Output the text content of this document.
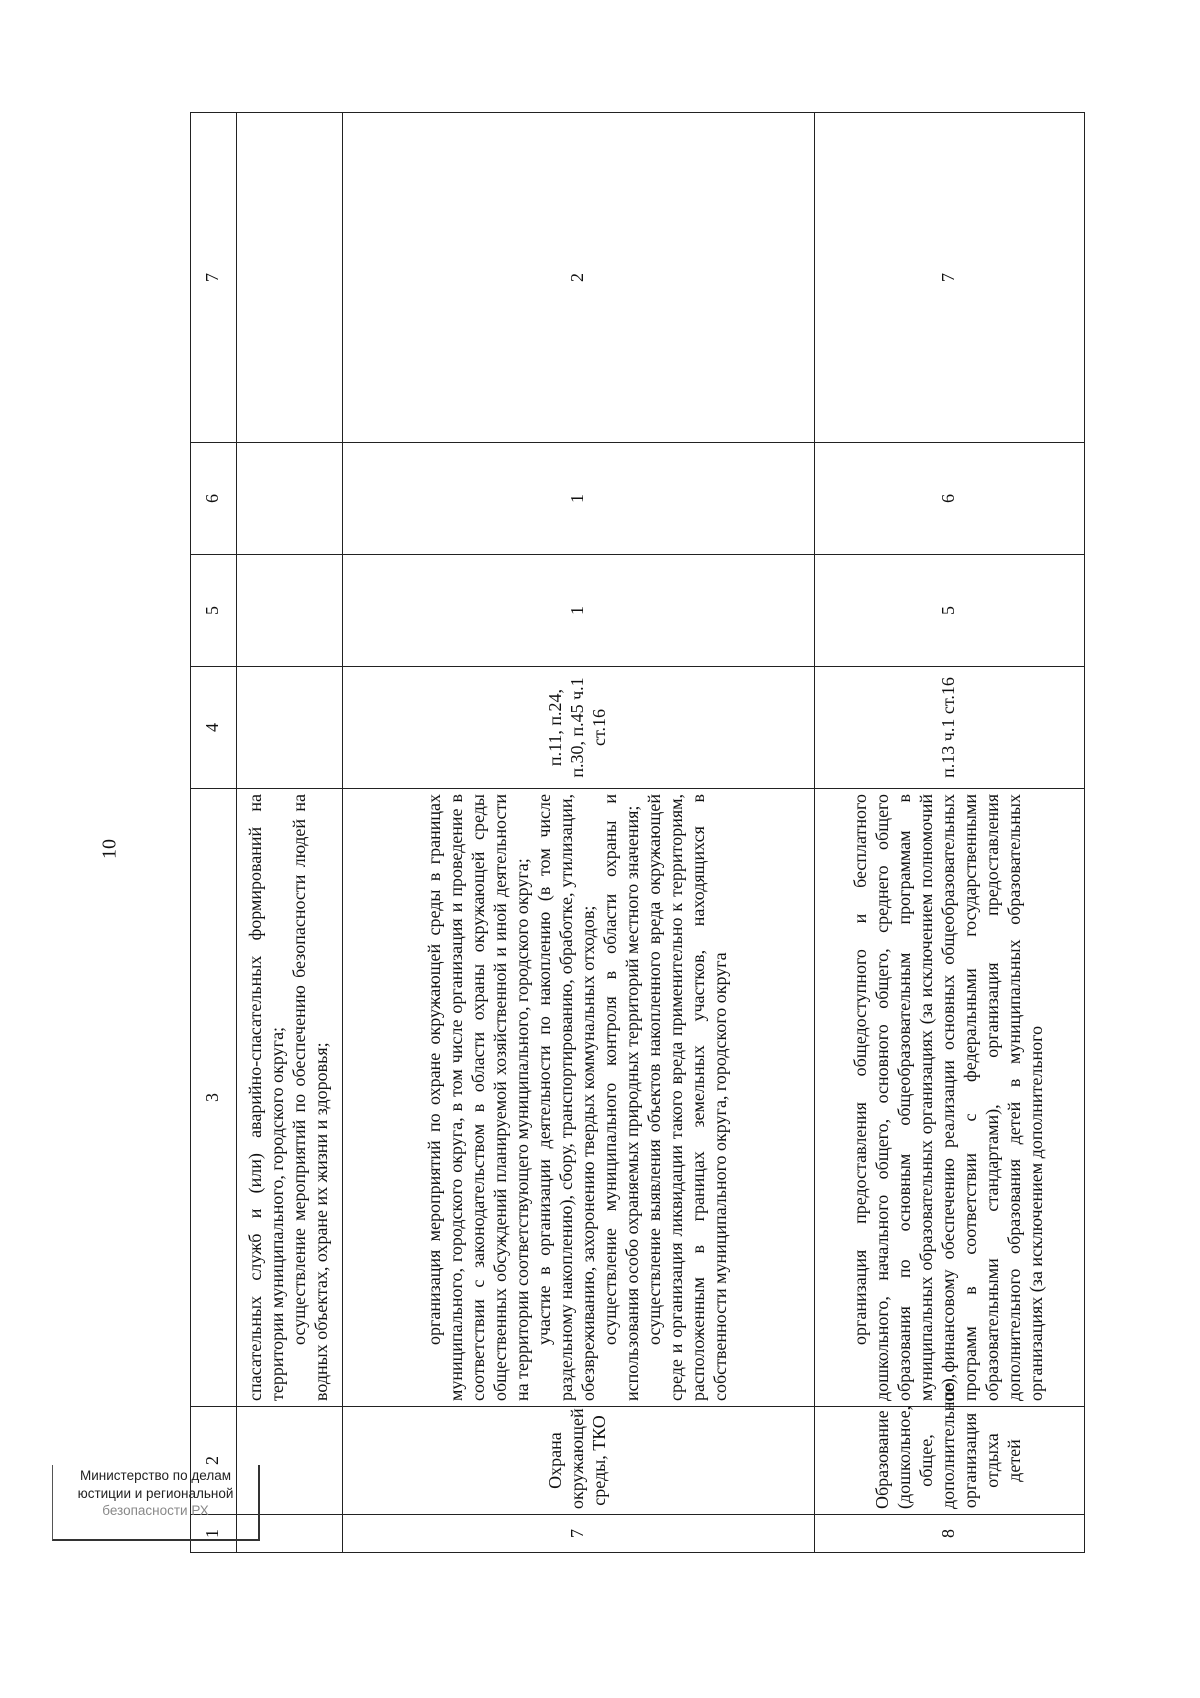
10
1	2	3	4	5	6	7

		спасательных служб и (или) аварийно-спасательных формирований на территории муниципального, городского округа; осуществление мероприятий по обеспечению безопасности людей на водных объектах, охране их жизни и здоровья;				

7	Охрана окружающей среды, ТКО	организация мероприятий по охране окружающей среды в границах муниципального, городского округа, в том числе организация и проведение в соответствии с законодательством в области охраны окружающей среды общественных обсуждений планируемой хозяйственной и иной деятельности на территории соответствующего муниципального, городского округа; участие в организации деятельности по накоплению (в том числе раздельному накоплению), сбору, транспортированию, обработке, утилизации, обезвреживанию, захоронению твердых коммунальных отходов; осуществление муниципального контроля в области охраны и использования особо охраняемых природных территорий местного значения; осуществление выявления объектов накопленного вреда окружающей среде и организация ликвидации такого вреда применительно к территориям, расположенным в границах земельных участков, находящихся в собственности муниципального округа, городского округа	п.11, п.24, п.30, п.45 ч.1 ст.16	1	1	2
8	Образование (дошкольное, общее, дополнительное), организация отдыха детей	организация предоставления общедоступного и бесплатного дошкольного, начального общего, основного общего, среднего общего образования по основным общеобразовательным программам в муниципальных образовательных организациях (за исключением полномочий по финансовому обеспечению реализации основных общеобразовательных программ в соответствии с федеральными государственными образовательными стандартами), организация предоставления дополнительного образования детей в муниципальных образовательных организациях (за исключением дополнительного	п.13 ч.1 ст.16	5	6	7
Министерство по делам
юстиции и региональной
безопасности РХ
